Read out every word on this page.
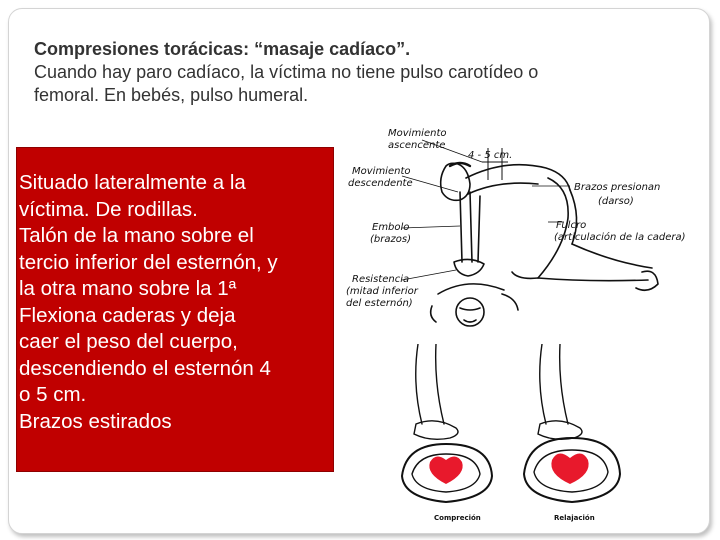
Compresiones torácicas: “masaje cadíaco”.
Cuando hay paro cadíaco, la víctima no tiene pulso carotídeo o
femoral. En bebés, pulso humeral.
Situado lateralmente a la
víctima. De rodillas.
Talón de la mano sobre el
tercio inferior del esternón, y
la otra mano sobre la 1ª
Flexiona caderas y deja
caer el peso del cuerpo,
descendiendo el esternón 4
o 5 cm.
Brazos estirados
Movimiento
ascencente
4 - 5 cm.
Movimiento
descendente	Brazos presionan
(darso)
Embolo
(brazos)
Fulcro
(articulación de la cadera)
Resistencia
(mitad inferior
del esternón)
Compreción	Relajación
